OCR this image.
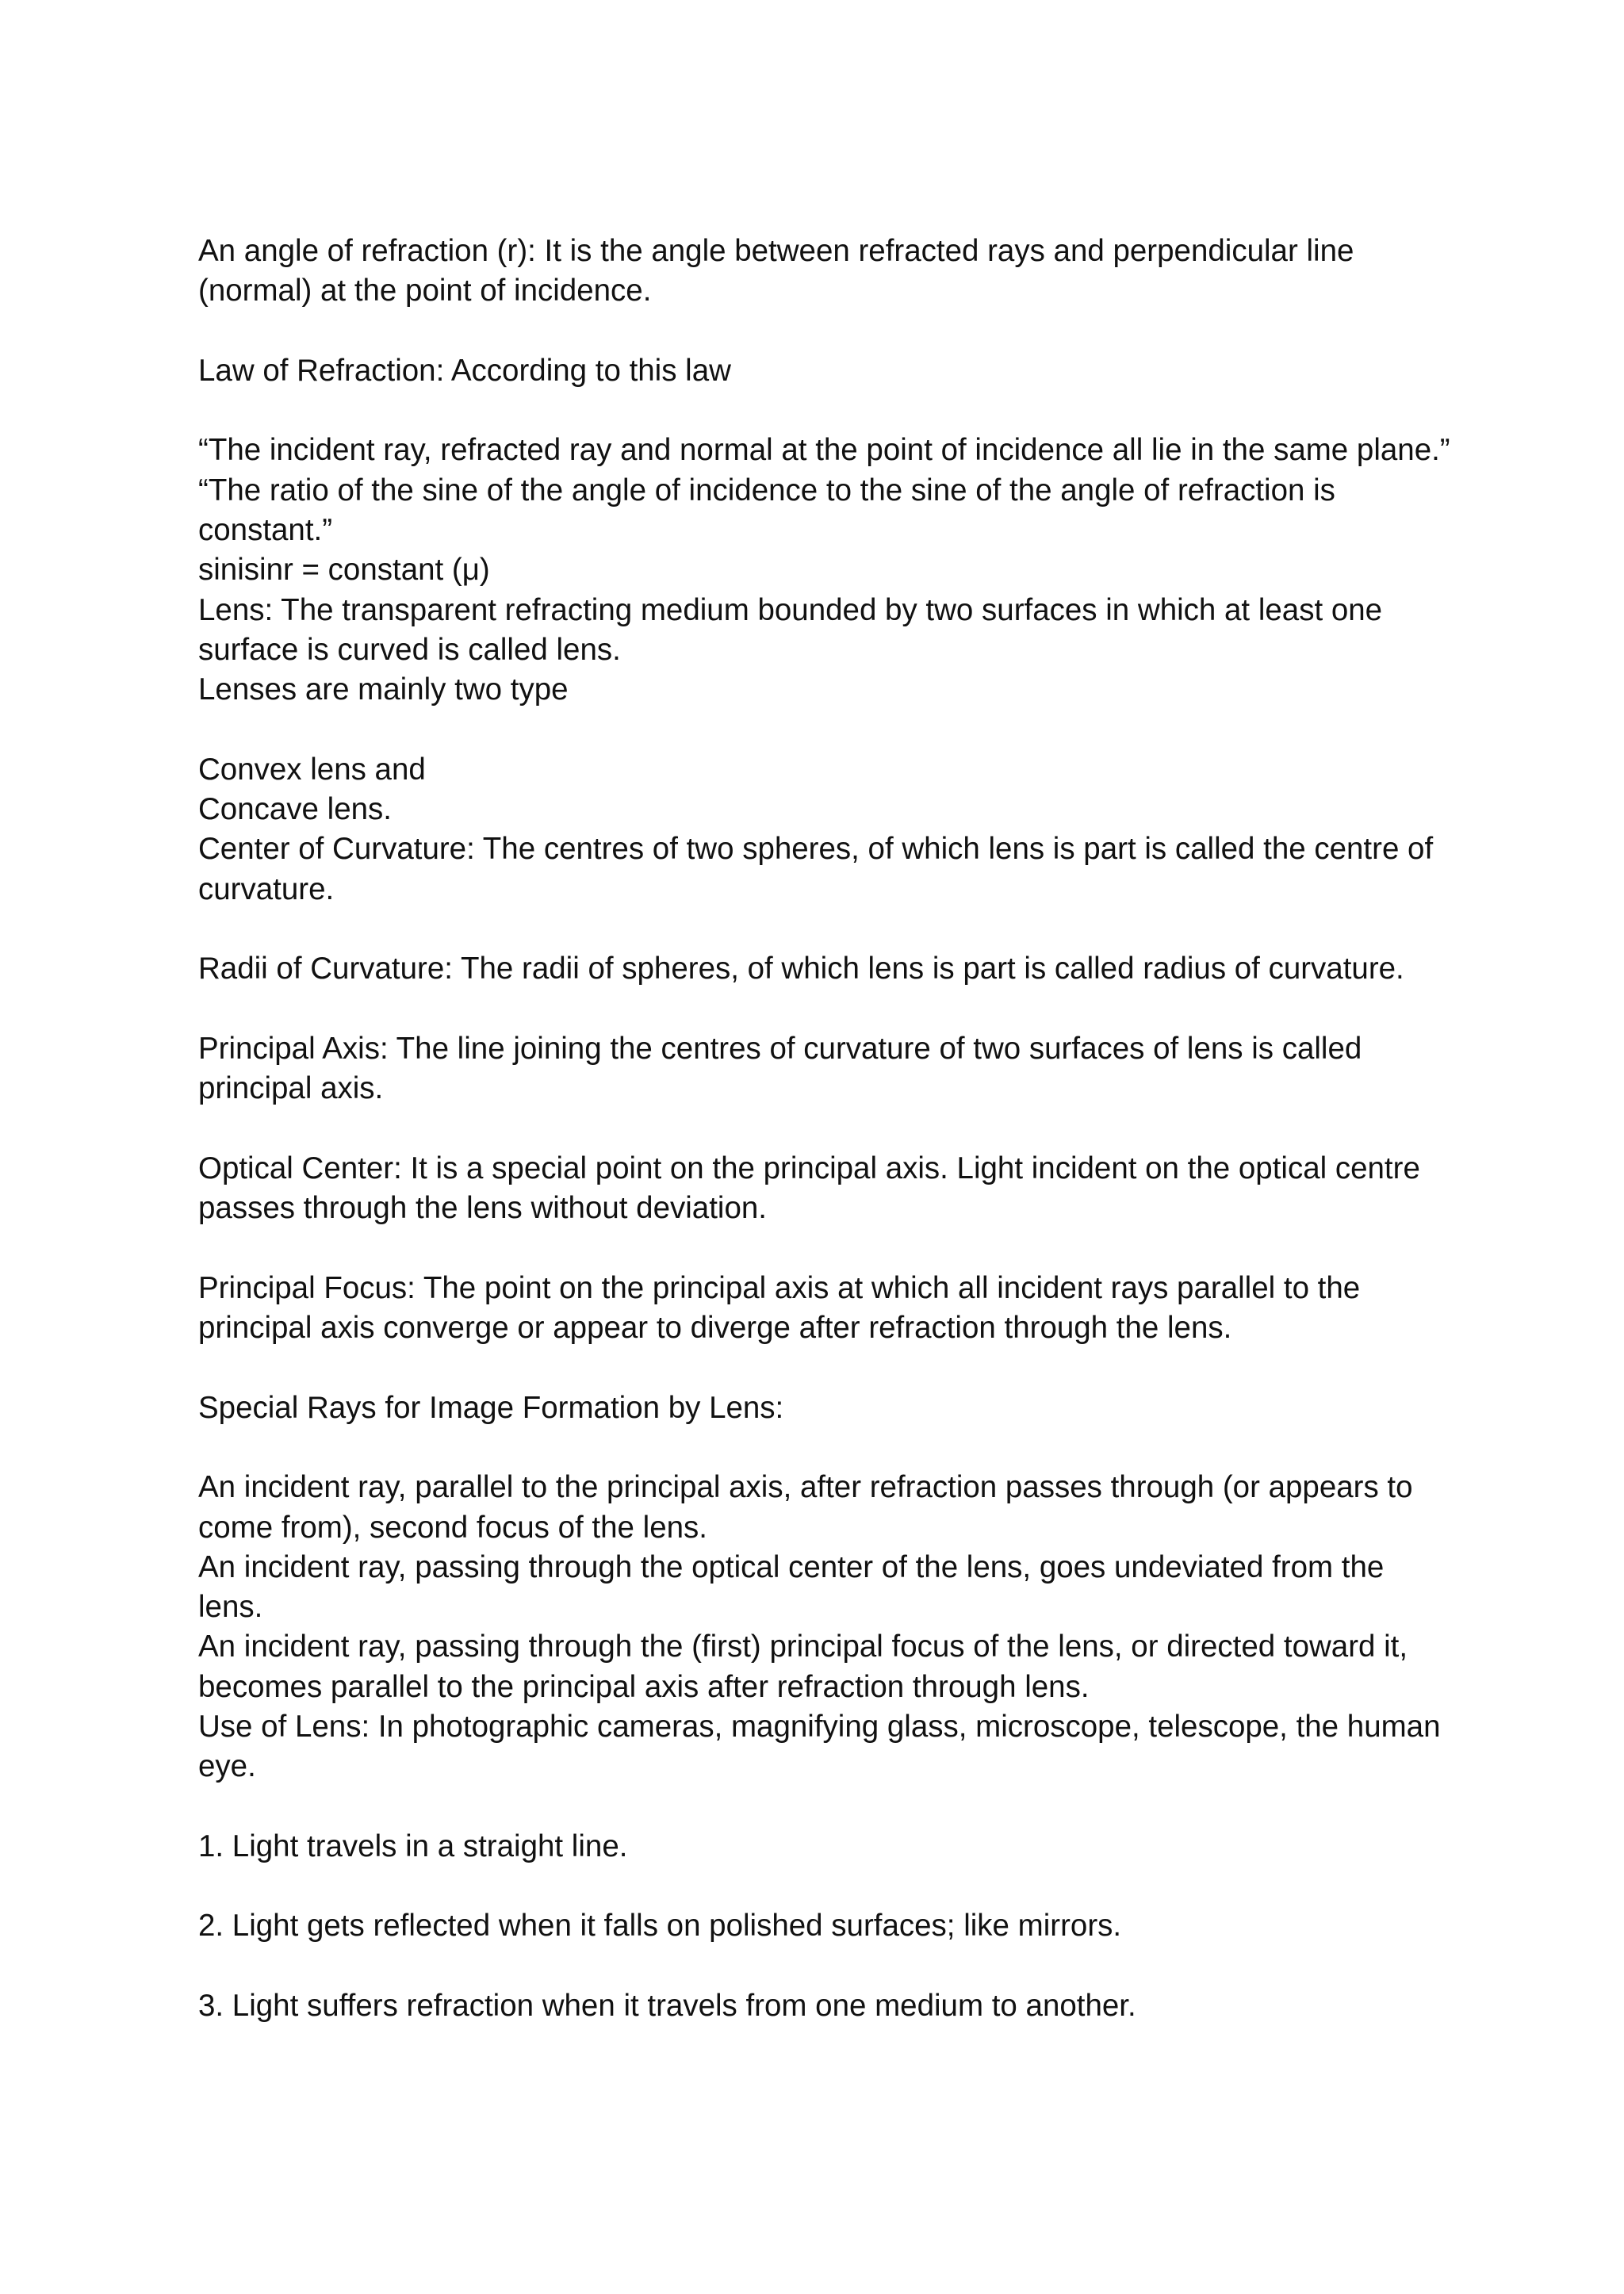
An angle of refraction (r): It is the angle between refracted rays and perpendicular line
(normal) at the point of incidence.
Law of Refraction: According to this law
“The incident ray, refracted ray and normal at the point of incidence all lie in the same plane.”
“The ratio of the sine of the angle of incidence to the sine of the angle of refraction is
constant.”
sinisinr = constant (μ)
Lens: The transparent refracting medium bounded by two surfaces in which at least one
surface is curved is called lens.
Lenses are mainly two type
Convex lens and
Concave lens.
Center of Curvature: The centres of two spheres, of which lens is part is called the centre of
curvature.
Radii of Curvature: The radii of spheres, of which lens is part is called radius of curvature.
Principal Axis: The line joining the centres of curvature of two surfaces of lens is called
principal axis.
Optical Center: It is a special point on the principal axis. Light incident on the optical centre
passes through the lens without deviation.
Principal Focus: The point on the principal axis at which all incident rays parallel to the
principal axis converge or appear to diverge after refraction through the lens.
Special Rays for Image Formation by Lens:
An incident ray, parallel to the principal axis, after refraction passes through (or appears to
come from), second focus of the lens.
An incident ray, passing through the optical center of the lens, goes undeviated from the
lens.
An incident ray, passing through the (first) principal focus of the lens, or directed toward it,
becomes parallel to the principal axis after refraction through lens.
Use of Lens: In photographic cameras, magnifying glass, microscope, telescope, the human
eye.
1. Light travels in a straight line.
2. Light gets reflected when it falls on polished surfaces; like mirrors.
3. Light suffers refraction when it travels from one medium to another.
